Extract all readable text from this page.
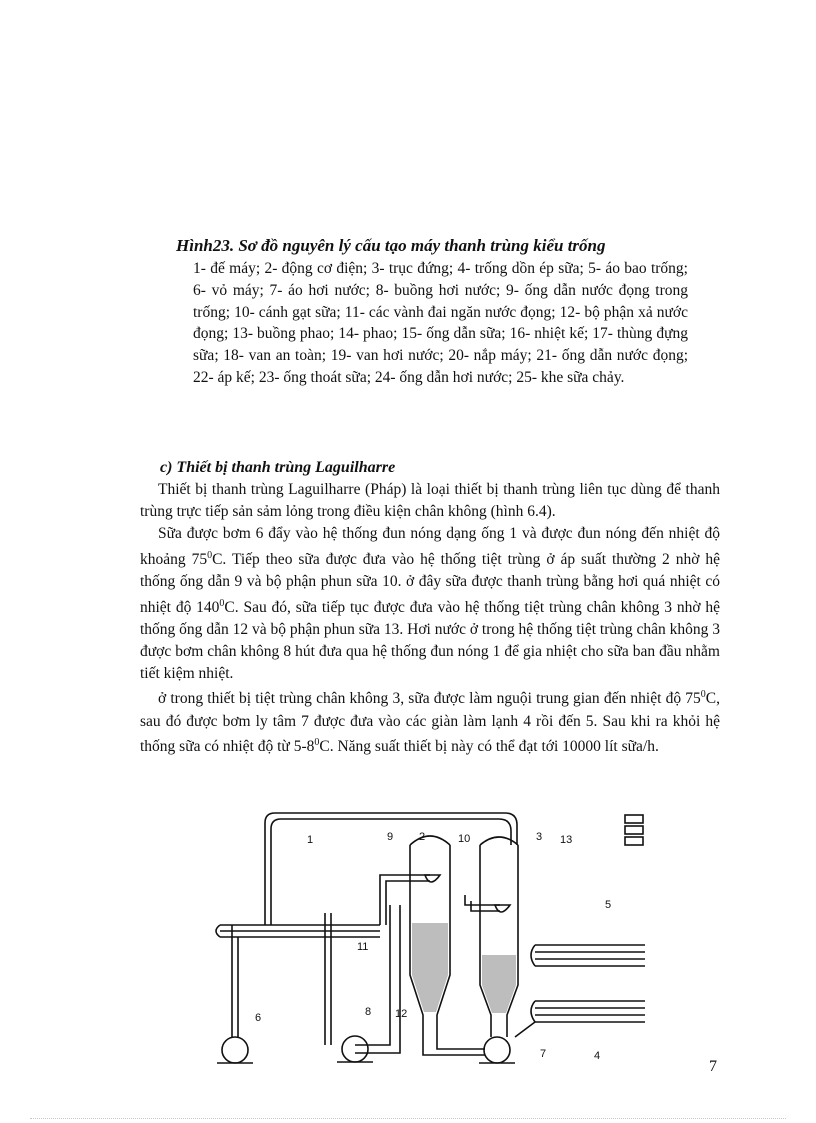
Hình23. Sơ đồ nguyên lý cấu tạo máy thanh trùng kiểu trống
1- đế máy; 2- động cơ điện; 3- trục đứng; 4- trống dồn ép sữa; 5- áo bao trống; 6- vỏ máy; 7- áo hơi nước; 8- buồng hơi nước; 9- ống dẫn nước đọng trong trống; 10- cánh gạt sữa; 11- các vành đai ngăn nước đọng; 12- bộ phận xả nước đọng; 13- buồng phao; 14- phao; 15- ống dẫn sữa; 16- nhiệt kế; 17- thùng đựng sữa; 18- van an toàn; 19- van hơi nước; 20- nắp máy; 21- ống dẫn nước đọng; 22- áp kế; 23- ống thoát sữa; 24- ống dẫn hơi nước; 25- khe sữa chảy.
c) Thiết bị thanh trùng Laguilharre

Thiết bị thanh trùng Laguilharre (Pháp) là loại thiết bị thanh trùng liên tục dùng để thanh trùng trực tiếp sản sảm lỏng trong điều kiện chân không (hình 6.4).

Sữa được bơm 6 đẩy vào hệ thống đun nóng dạng ống 1 và được đun nóng đến nhiệt độ khoảng $75^0C$. Tiếp theo sữa được đưa vào hệ thống tiệt trùng ở áp suất thường 2 nhờ hệ thống ống dẫn 9 và bộ phận phun sữa 10. ở đây sữa được thanh trùng bằng hơi quá nhiệt có nhiệt độ $140^0C$. Sau đó, sữa tiếp tục được đưa vào hệ thống tiệt trùng chân không 3 nhờ hệ thống ống dẫn 12 và bộ phận phun sữa 13. Hơi nước ở trong hệ thống tiệt trùng chân không 3 được bơm chân không 8 hút đưa qua hệ thống đun nóng 1 để gia nhiệt cho sữa ban đầu nhằm tiết kiệm nhiệt.

ở trong thiết bị tiệt trùng chân không 3, sữa được làm nguội trung gian đến nhiệt độ $75^0C$, sau đó được bơm ly tâm 7 được đưa vào các giàn làm lạnh 4 rồi đến 5. Sau khi ra khỏi hệ thống sữa có nhiệt độ từ $5-8^0C$. Năng suất thiết bị này có thể đạt tới 10000 lít sữa/h.

1	9 2	10	3 13
5
11
6	8 12
7	4
7
